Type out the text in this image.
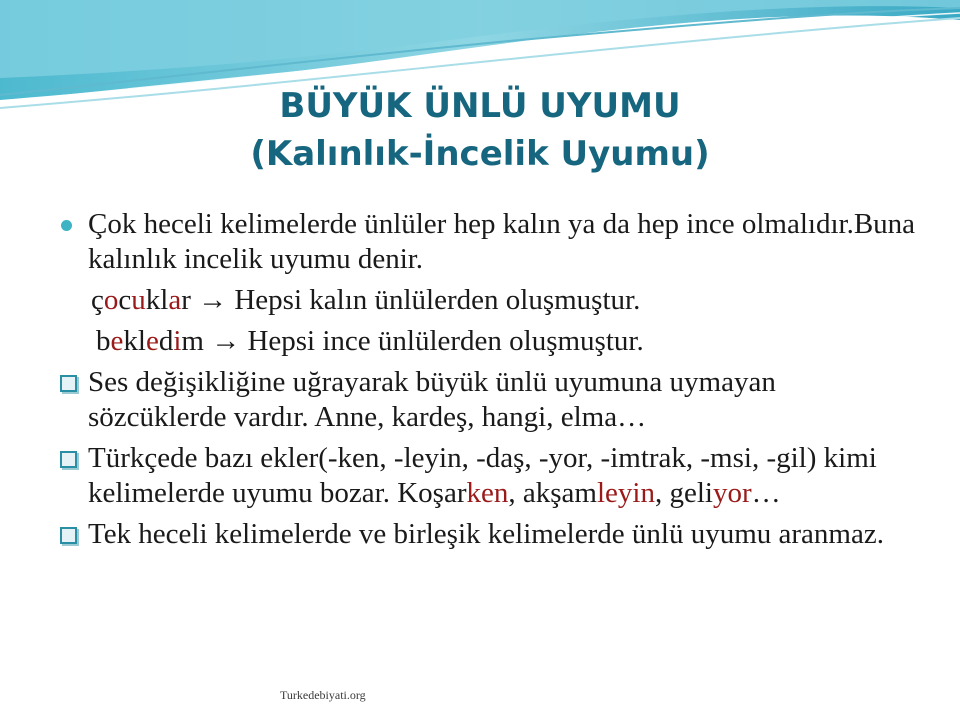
BÜYÜK ÜNLÜ UYUMU
(Kalınlık-İncelik Uyumu)
Çok heceli kelimelerde ünlüler hep kalın ya da hep ince olmalıdır.Buna kalınlık incelik uyumu denir.
çocuklar → Hepsi kalın ünlülerden oluşmuştur.
bekledim → Hepsi ince ünlülerden oluşmuştur.
Ses değişikliğine uğrayarak büyük ünlü uyumuna uymayan sözcüklerde vardır. Anne, kardeş, hangi, elma…
Türkçede bazı ekler(-ken, -leyin, -daş, -yor, -imtrak, -msi, -gil) kimi kelimelerde uyumu bozar. Koşarken, akşamleyin, geliyor…
Tek heceli kelimelerde ve birleşik kelimelerde ünlü uyumu aranmaz.
Turkedebiyati.org
